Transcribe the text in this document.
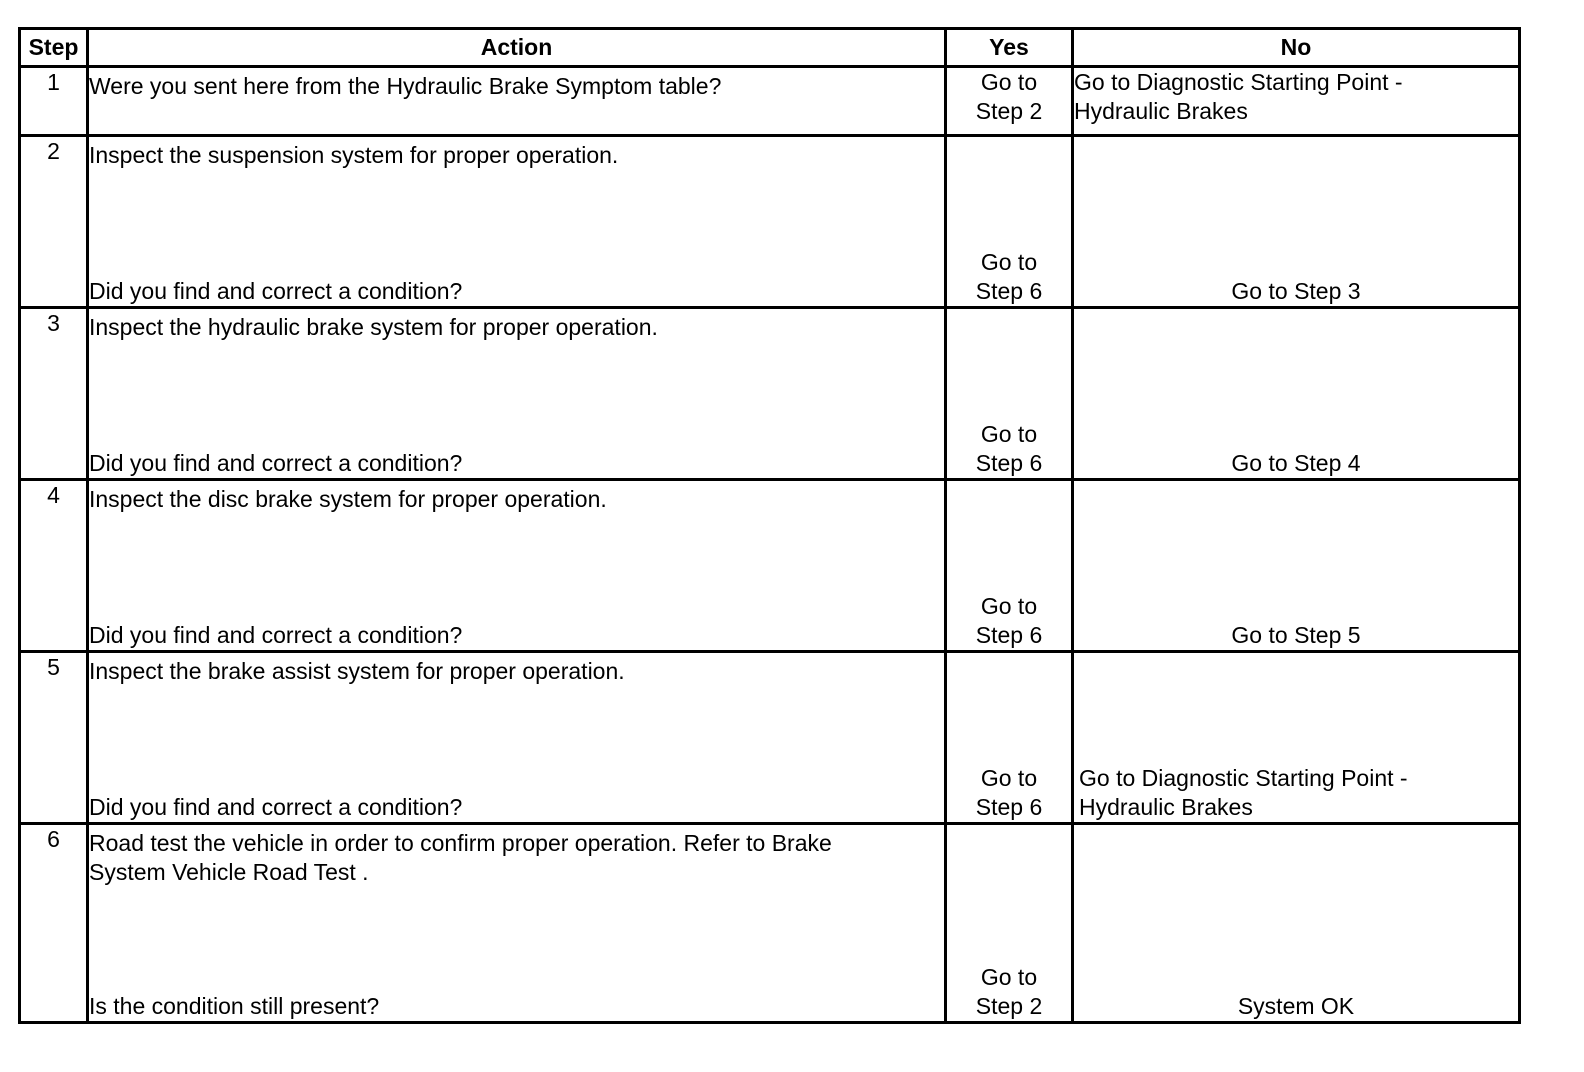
Step	Action	Yes	No
1	Were you sent here from the Hydraulic Brake Symptom table?	Go to Step 2	Go to Diagnostic Starting Point - Hydraulic Brakes

2	Inspect the suspension system for proper operation.
Did you find and correct a condition?	Go to Step 6	Go to Step 3

3	Inspect the hydraulic brake system for proper operation.
Did you find and correct a condition?	Go to Step 6	Go to Step 4

4	Inspect the disc brake system for proper operation.
Did you find and correct a condition?	Go to Step 6	Go to Step 5

5	Inspect the brake assist system for proper operation.
Did you find and correct a condition?	Go to Step 6	Go to Diagnostic Starting Point - Hydraulic Brakes

6	Road test the vehicle in order to confirm proper operation. Refer to Brake System Vehicle Road Test .
Is the condition still present?	Go to Step 2	System OK
